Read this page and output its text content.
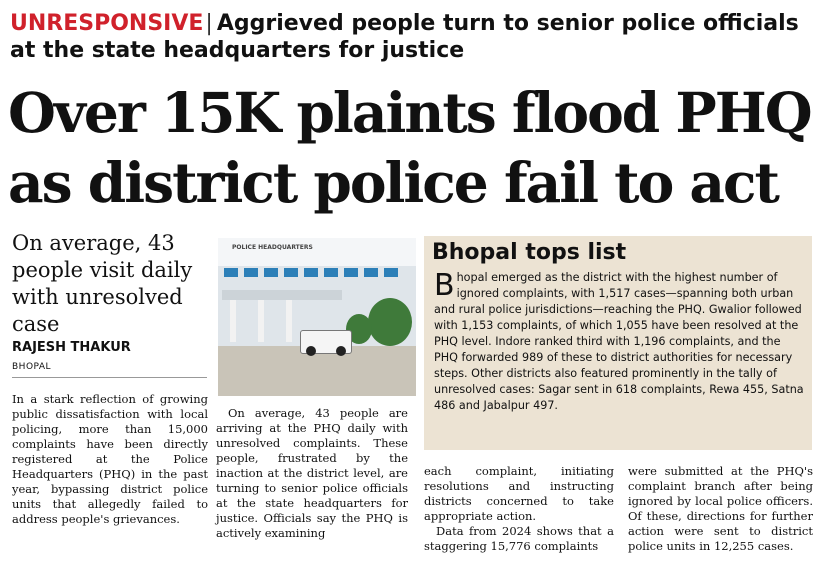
UNRESPONSIVE| Aggrieved people turn to senior police officials at the state headquarters for justice
Over 15K plaints flood PHQ
as district police fail to act
On average, 43 people visit daily with unresolved case
RAJESH THAKUR
BHOPAL
POLICE HEADQUARTERS	Bhopal tops list
Bhopal emerged as the district with the highest number of ignored complaints, with 1,517 cases—spanning both urban and rural police jurisdictions—reaching the PHQ. Gwalior followed with 1,153 complaints, of which 1,055 have been resolved at the PHQ level. Indore ranked third with 1,196 complaints, and the PHQ forwarded 989 of these to district authorities for necessary steps. Other districts also featured prominently in the tally of unresolved cases: Sagar sent in 618 complaints, Rewa 455, Satna 486 and Jabalpur 497.

In a stark reflection of growing public dissatisfaction with local policing, more than 15,000 complaints have been directly registered at the Police Headquarters (PHQ) in the past year, bypassing district police units that allegedly failed to address people's grievances.

On average, 43 people are arriving at the PHQ daily with unresolved complaints. These people, frustrated by the inaction at the district level, are turning to senior police officials at the state headquarters for justice. Officials say the PHQ is actively examining

each complaint, initiating resolutions and instructing districts concerned to take appropriate action.

Data from 2024 shows that a staggering 15,776 complaints

were submitted at the PHQ's complaint branch after being ignored by local police officers. Of these, directions for further action were sent to district police units in 12,255 cases.
